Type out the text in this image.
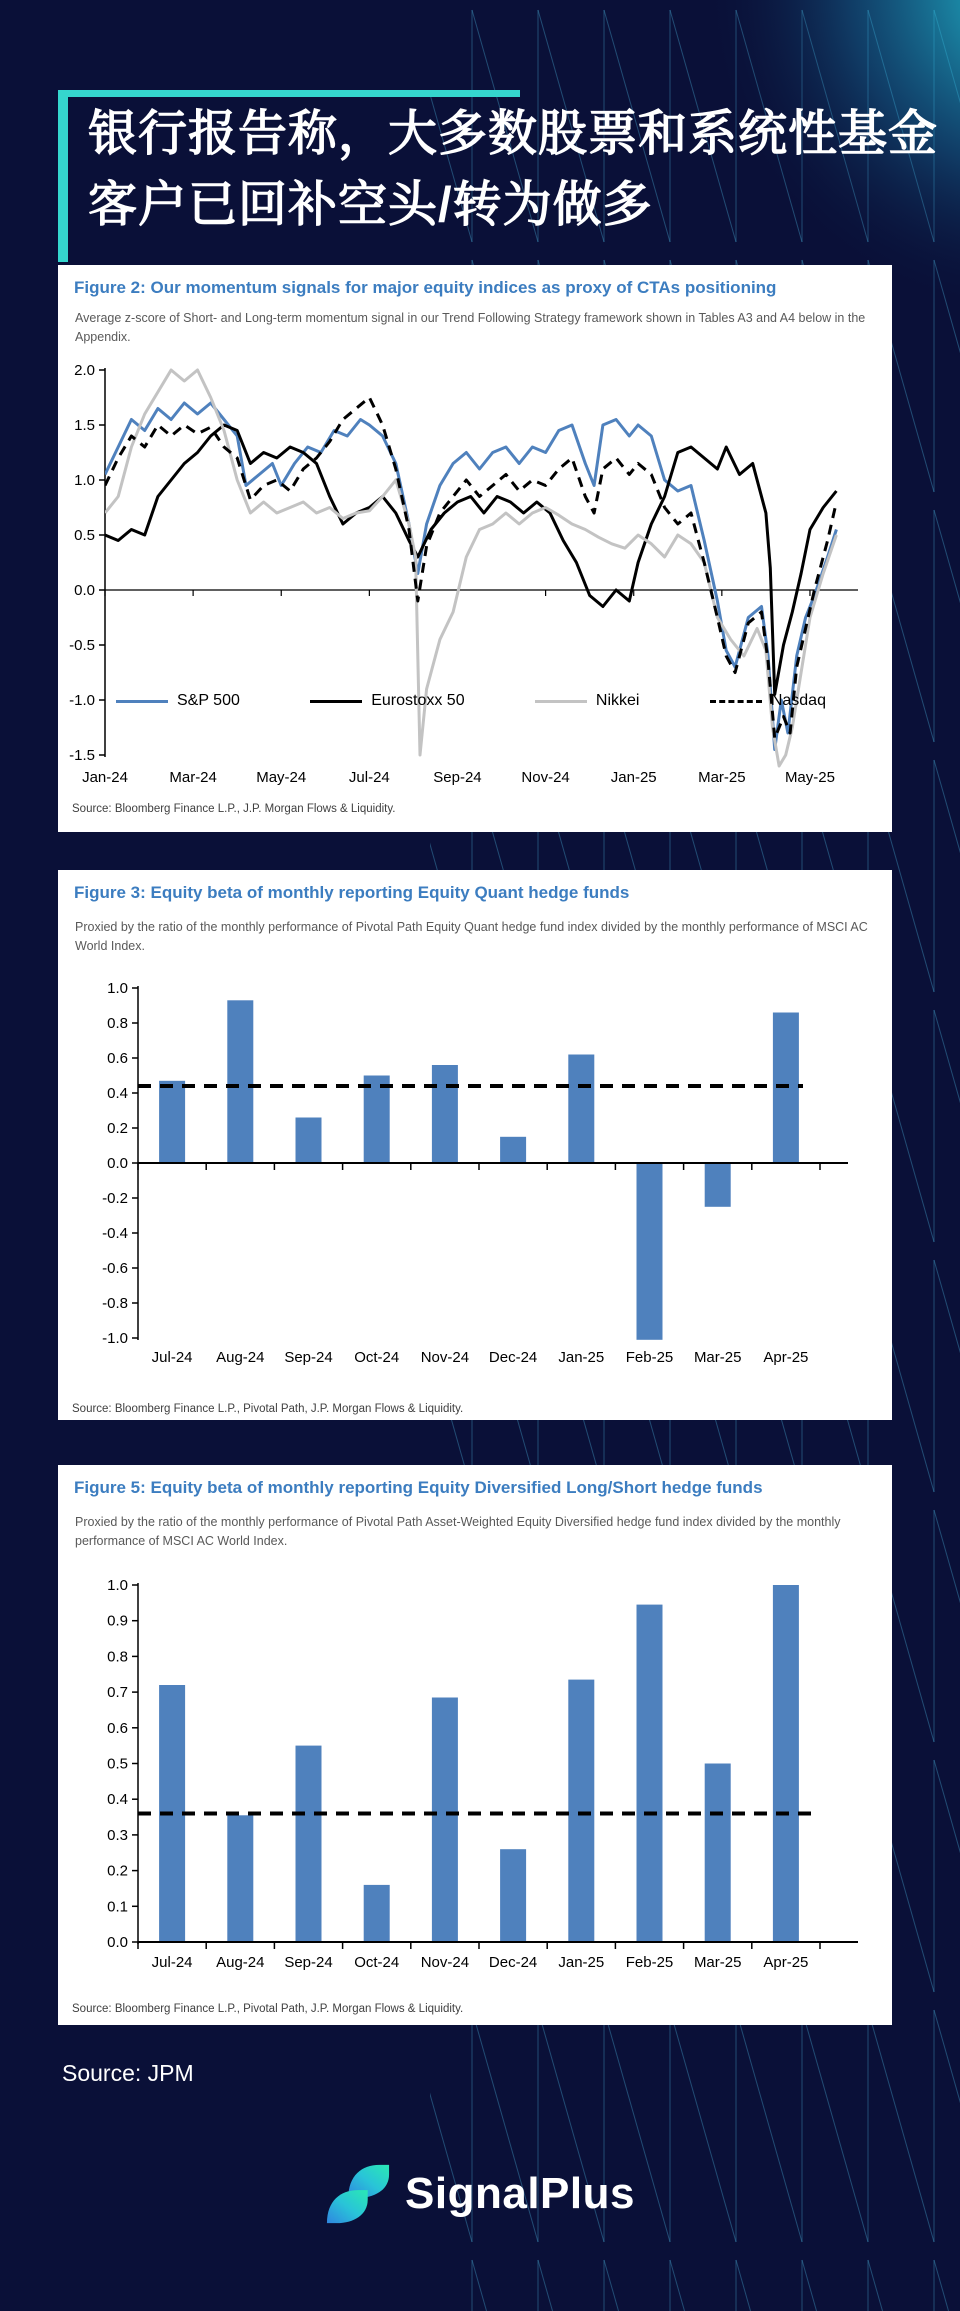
银行报告称，大多数股票和系统性基金
客户已回补空头/转为做多
Figure 2: Our momentum signals for major equity indices as proxy of CTAs positioning
Average z-score of Short- and Long-term momentum signal in our Trend Following Strategy framework shown in Tables A3 and A4 below in the Appendix.
2.0
1.5
1.0
0.5
0.0
-0.5
-1.0
-1.5
Jan-24	Mar-24	May-24	Jul-24	Sep-24	Nov-24	Jan-25	Mar-25	May-25
S&P 500	Eurostoxx 50	Nikkei	Nasdaq
Source: Bloomberg Finance L.P., J.P. Morgan Flows & Liquidity.
Figure 3: Equity beta of monthly reporting Equity Quant hedge funds
Proxied by the ratio of the monthly performance of Pivotal Path Equity Quant hedge fund index divided by the monthly performance of MSCI AC World Index.
1.0
0.8
0.6
0.4
0.2
0.0
-0.2
-0.4
-0.6
-0.8
-1.0
Jul-24 Aug-24 Sep-24 Oct-24 Nov-24 Dec-24 Jan-25 Feb-25 Mar-25 Apr-25
Source: Bloomberg Finance L.P., Pivotal Path, J.P. Morgan Flows & Liquidity.
Figure 5: Equity beta of monthly reporting Equity Diversified Long/Short hedge funds
Proxied by the ratio of the monthly performance of Pivotal Path Asset-Weighted Equity Diversified hedge fund index divided by the monthly performance of MSCI AC World Index.
1.0
0.9
0.8
0.7
0.6
0.5
0.4
0.3
0.2
0.1
0.0
Jul-24 Aug-24 Sep-24 Oct-24 Nov-24 Dec-24 Jan-25 Feb-25 Mar-25 Apr-25
Source: Bloomberg Finance L.P., Pivotal Path, J.P. Morgan Flows & Liquidity.
Source: JPM
SignalPlus
